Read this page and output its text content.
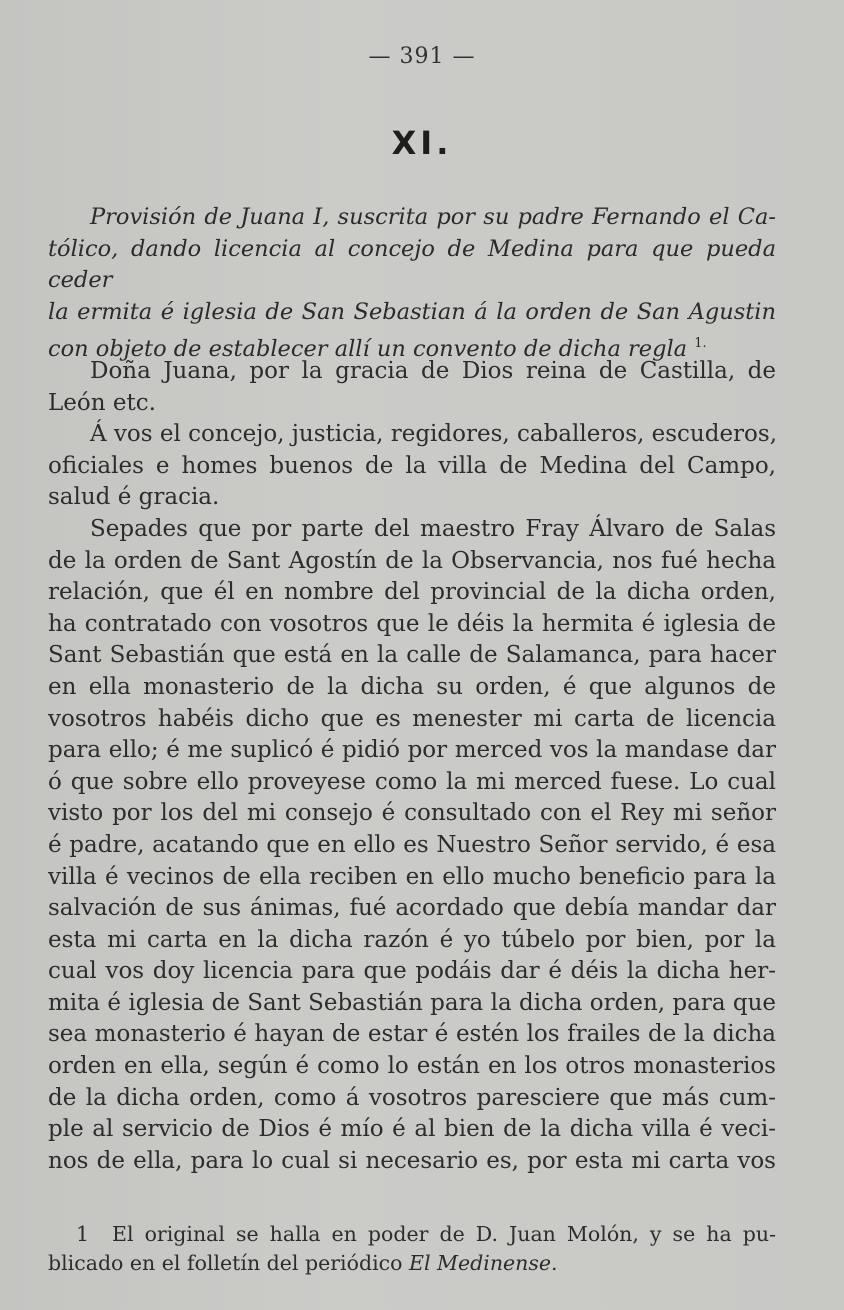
— 391 —
XI.
Provisión de Juana I, suscrita por su padre Fernando el Ca-
tólico, dando licencia al concejo de Medina para que pueda ceder
la ermita é iglesia de San Sebastian á la orden de San Agustin
con objeto de establecer allí un convento de dicha regla $^{1.}$
Doña Juana, por la gracia de Dios reina de Castilla, de
León etc.
Á vos el concejo, justicia, regidores, caballeros, escuderos,
oficiales e homes buenos de la villa de Medina del Campo,
salud é gracia.
Sepades que por parte del maestro Fray Álvaro de Salas
de la orden de Sant Agostín de la Observancia, nos fué hecha
relación, que él en nombre del provincial de la dicha orden,
ha contratado con vosotros que le déis la hermita é iglesia de
Sant Sebastián que está en la calle de Salamanca, para hacer
en ella monasterio de la dicha su orden, é que algunos de
vosotros habéis dicho que es menester mi carta de licencia
para ello; é me suplicó é pidió por merced vos la mandase dar
ó que sobre ello proveyese como la mi merced fuese. Lo cual
visto por los del mi consejo é consultado con el Rey mi señor
é padre, acatando que en ello es Nuestro Señor servido, é esa
villa é vecinos de ella reciben en ello mucho beneficio para la
salvación de sus ánimas, fué acordado que debía mandar dar
esta mi carta en la dicha razón é yo túbelo por bien, por la
cual vos doy licencia para que podáis dar é déis la dicha her-
mita é iglesia de Sant Sebastián para la dicha orden, para que
sea monasterio é hayan de estar é estén los frailes de la dicha
orden en ella, según é como lo están en los otros monasterios
de la dicha orden, como á vosotros paresciere que más cum-
ple al servicio de Dios é mío é al bien de la dicha villa é veci-
nos de ella, para lo cual si necesario es, por esta mi carta vos
1 El original se halla en poder de D. Juan Molón, y se ha pu-
blicado en el folletín del periódico El Medinense.
